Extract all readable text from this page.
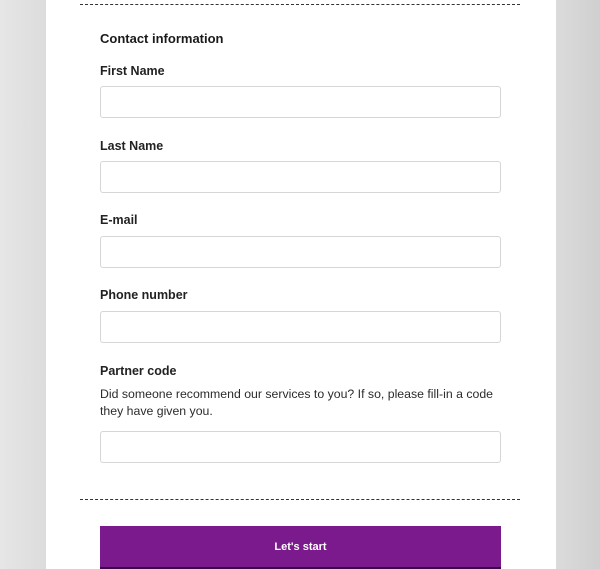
Contact information
First Name
Last Name
E-mail
Phone number
Partner code
Did someone recommend our services to you? If so, please fill-in a code they have given you.
Let's start
